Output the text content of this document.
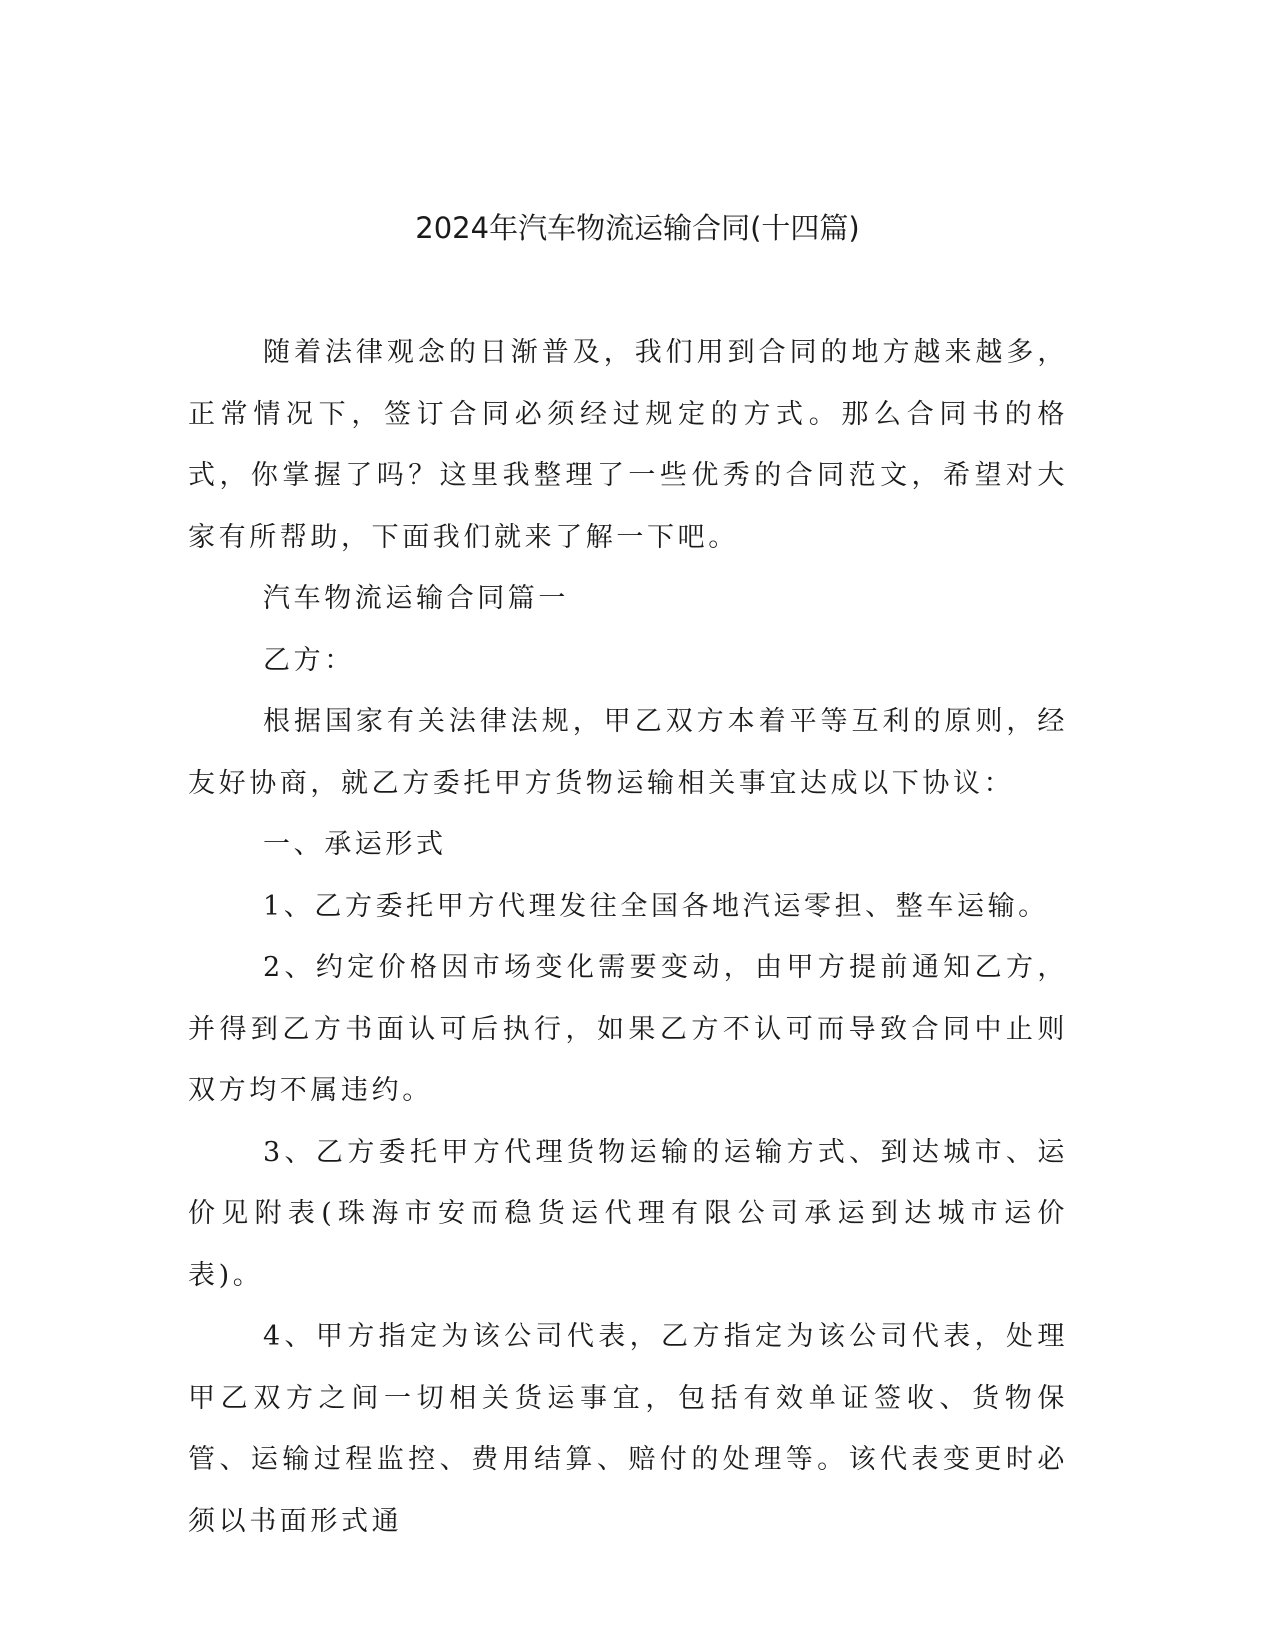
2024年汽车物流运输合同(十四篇)

随着法律观念的日渐普及，我们用到合同的地方越来越多，正常情况下，签订合同必须经过规定的方式。那么合同书的格式，你掌握了吗？这里我整理了一些优秀的合同范文，希望对大家有所帮助，下面我们就来了解一下吧。

汽车物流运输合同篇一

乙方：

根据国家有关法律法规，甲乙双方本着平等互利的原则，经友好协商，就乙方委托甲方货物运输相关事宜达成以下协议：

一、承运形式

1、乙方委托甲方代理发往全国各地汽运零担、整车运输。

2、约定价格因市场变化需要变动，由甲方提前通知乙方，并得到乙方书面认可后执行，如果乙方不认可而导致合同中止则双方均不属违约。

3、乙方委托甲方代理货物运输的运输方式、到达城市、运价见附表(珠海市安而稳货运代理有限公司承运到达城市运价表)。

4、甲方指定为该公司代表，乙方指定为该公司代表，处理甲乙双方之间一切相关货运事宜，包括有效单证签收、货物保管、运输过程监控、费用结算、赔付的处理等。该代表变更时必须以书面形式通
